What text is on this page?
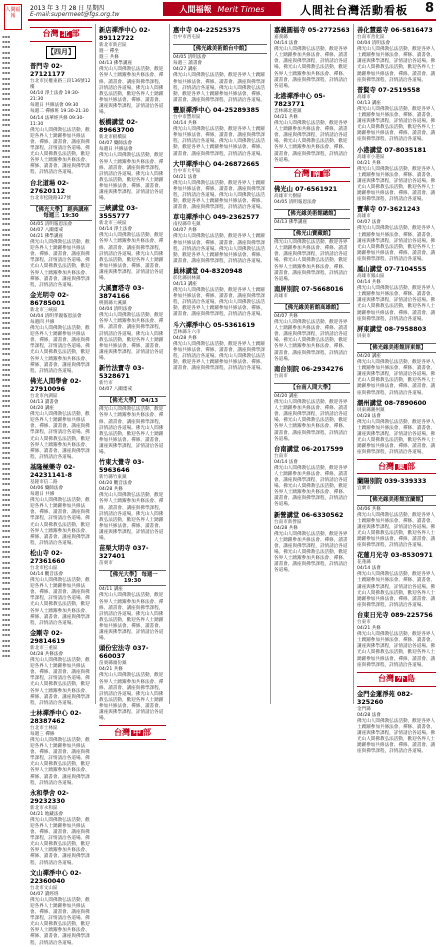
人間福報
2013 年 3 月 28 日 星期四
E-mail:supermeet@fgs.org.tw
人間福報 Merit Times	人間社台灣活動看板 8
▪▪▪
▪▪▪
▪▪▪
▪▪▪
▪▪▪
▪▪▪
▪▪▪
▪▪▪
▪▪▪
▪▪▪
▪▪▪
▪▪▪
▪▪▪
▪▪▪
▪▪▪
▪▪▪
▪▪▪
▪▪▪
▪▪▪
▪▪▪
▪▪▪
▪▪▪
▪▪▪
▪▪▪
▪▪▪
▪▪▪
▪▪▪
▪▪▪
▪▪▪
▪▪▪
▪▪▪
▪▪▪
▪▪▪
▪▪▪
▪▪▪
▪▪▪
▪▪▪
▪▪▪
▪▪▪
▪▪▪
▪▪▪
▪▪▪
▪▪▪
▪▪▪
▪▪▪
▪▪▪
▪▪▪
▪▪▪
▪▪▪
▪▪▪
▪▪▪
▪▪▪
▪▪▪
▪▪▪
▪▪▪
▪▪▪
▪▪▪
▪▪▪
▪▪▪
▪▪▪
▪▪▪
▪▪▪
▪▪▪
▪▪▪
▪▪▪
▪▪▪
▪▪▪
▪▪▪
▪▪▪
▪▪▪
▪▪▪
▪▪▪
▪▪▪
▪▪▪
▪▪▪
▪▪▪
▪▪▪
▪▪▪
▪▪▪
▪▪▪
▪▪▪
▪▪▪
▪▪▪
▪▪▪
▪▪▪
▪▪▪
▪▪▪
▪▪▪
▪▪▪
▪▪▪
▪▪▪
▪▪▪
▪▪▪
▪▪▪
▪▪▪
▪▪▪
▪▪▪
▪▪▪
▪▪▪
▪▪▪
▪▪▪
▪▪▪
▪▪▪
▪▪▪
▪▪▪
▪▪▪
▪▪▪
▪▪▪
▪▪▪
▪▪▪
▪▪▪
▪▪▪
▪▪▪
▪▪▪
▪▪▪
▪▪▪
▪▪▪
▪▪▪
▪▪▪
▪▪▪
台灣 北 部
【四月】
普門寺 02-27121177
台北市民權東路三段136號12樓
04/10 淨土法會 19:30-21:30
每週日 共修法會 09:30
每週二 禪修班 19:30-21:30
04/14 法華經共修 09:30-11:30
佛光山人間佛教弘法活動，歡迎各界人士踴躍參加共修法會、禪修、讀書會、講座與佛學課程，詳情請洽各道場。佛光山人間佛教弘法活動，歡迎各界人士踴躍參加共修法會、禪修、讀書會、講座與佛學課程，詳情請洽各道場。
台北道場 02-27620112
台北市松隆路327號
【佛光大學】 經典講座 每週三 19:30
04/05 清明報恩法會
04/07 八關齋戒
04/21 佛學講座
佛光山人間佛教弘法活動，歡迎各界人士踴躍參加共修法會、禪修、讀書會、講座與佛學課程，詳情請洽各道場。佛光山人間佛教弘法活動，歡迎各界人士踴躍參加共修法會、禪修、讀書會、講座與佛學課程，詳情請洽各道場。
金光明寺 02-86785001
新北市三峽區
04/04 清明孝親報恩法會
每週四 共修
佛光山人間佛教弘法活動，歡迎各界人士踴躍參加共修法會、禪修、讀書會、講座與佛學課程，詳情請洽各道場。佛光山人間佛教弘法活動，歡迎各界人士踴躍參加共修法會、禪修、讀書會、講座與佛學課程，詳情請洽各道場。
佛光人間學會 02-27910096
台北市內湖區
04/13 讀書會
04/20 講座
佛光山人間佛教弘法活動，歡迎各界人士踴躍參加共修法會、禪修、讀書會、講座與佛學課程，詳情請洽各道場。佛光山人間佛教弘法活動，歡迎各界人士踴躍參加共修法會、禪修、讀書會、講座與佛學課程，詳情請洽各道場。
基隆極樂寺 02-24231141-8
基隆市信二路
04/06 藥師法會
每週日 共修
佛光山人間佛教弘法活動，歡迎各界人士踴躍參加共修法會、禪修、讀書會、講座與佛學課程，詳情請洽各道場。佛光山人間佛教弘法活動，歡迎各界人士踴躍參加共修法會、禪修、讀書會、講座與佛學課程，詳情請洽各道場。
松山寺 02-27361660
台北市松山區
04/14 觀音法會
佛光山人間佛教弘法活動，歡迎各界人士踴躍參加共修法會、禪修、讀書會、講座與佛學課程，詳情請洽各道場。佛光山人間佛教弘法活動，歡迎各界人士踴躍參加共修法會、禪修、讀書會、講座與佛學課程，詳情請洽各道場。
金剛寺 02-29814619
新北市三重區
04/28 共修法會
佛光山人間佛教弘法活動，歡迎各界人士踴躍參加共修法會、禪修、讀書會、講座與佛學課程，詳情請洽各道場。佛光山人間佛教弘法活動，歡迎各界人士踴躍參加共修法會、禪修、讀書會、講座與佛學課程，詳情請洽各道場。
士林禪淨中心 02-28387462
台北市士林區
每週三 禪修
佛光山人間佛教弘法活動，歡迎各界人士踴躍參加共修法會、禪修、讀書會、講座與佛學課程，詳情請洽各道場。佛光山人間佛教弘法活動，歡迎各界人士踴躍參加共修法會、禪修、讀書會、講座與佛學課程，詳情請洽各道場。
永和學舍 02-29232330
新北市永和區
04/21 地藏法會
佛光山人間佛教弘法活動，歡迎各界人士踴躍參加共修法會、禪修、讀書會、講座與佛學課程，詳情請洽各道場。佛光山人間佛教弘法活動，歡迎各界人士踴躍參加共修法會、禪修、讀書會、講座與佛學課程，詳情請洽各道場。
文山禪淨中心 02-22360040
台北市文山區
04/07 讀經班
佛光山人間佛教弘法活動，歡迎各界人士踴躍參加共修法會、禪修、讀書會、講座與佛學課程，詳情請洽各道場。佛光山人間佛教弘法活動，歡迎各界人士踴躍參加共修法會、禪修、讀書會、講座與佛學課程，詳情請洽各道場。
新店禪淨中心 02-89112722
新北市新店區
週一 禪坐
週三 共修
04/13 佛學講座
佛光山人間佛教弘法活動，歡迎各界人士踴躍參加共修法會、禪修、讀書會、講座與佛學課程，詳情請洽各道場。佛光山人間佛教弘法活動，歡迎各界人士踴躍參加共修法會、禪修、讀書會、講座與佛學課程，詳情請洽各道場。
板橋講堂 02-89663700
新北市板橋區
04/07 藥師法會
每週日 共修法會
佛光山人間佛教弘法活動，歡迎各界人士踴躍參加共修法會、禪修、讀書會、講座與佛學課程，詳情請洽各道場。佛光山人間佛教弘法活動，歡迎各界人士踴躍參加共修法會、禪修、讀書會、講座與佛學課程，詳情請洽各道場。
三峽講堂 03-3555777
新北市三峽區
04/14 淨土法會
佛光山人間佛教弘法活動，歡迎各界人士踴躍參加共修法會、禪修、讀書會、講座與佛學課程，詳情請洽各道場。佛光山人間佛教弘法活動，歡迎各界人士踴躍參加共修法會、禪修、讀書會、講座與佛學課程，詳情請洽各道場。
大溪寶塔寺 03-3874166
桃園縣大溪鎮
04/04 清明法會
佛光山人間佛教弘法活動，歡迎各界人士踴躍參加共修法會、禪修、讀書會、講座與佛學課程，詳情請洽各道場。佛光山人間佛教弘法活動，歡迎各界人士踴躍參加共修法會、禪修、讀書會、講座與佛學課程，詳情請洽各道場。
新竹法寶寺 03-5328671
新竹市
04/07 八關齋戒
【佛光大學】 04/13
佛光山人間佛教弘法活動，歡迎各界人士踴躍參加共修法會、禪修、讀書會、講座與佛學課程，詳情請洽各道場。佛光山人間佛教弘法活動，歡迎各界人士踴躍參加共修法會、禪修、讀書會、講座與佛學課程，詳情請洽各道場。
竹東大覺寺 03-5963646
新竹縣竹東鎮
04/20 觀音法會
04/28 共修
佛光山人間佛教弘法活動，歡迎各界人士踴躍參加共修法會、禪修、讀書會、講座與佛學課程，詳情請洽各道場。佛光山人間佛教弘法活動，歡迎各界人士踴躍參加共修法會、禪修、讀書會、講座與佛學課程，詳情請洽各道場。
苗栗大明寺 037-327401
苗栗市
【佛光大學】 每週一 19:30
04/11 講座
佛光山人間佛教弘法活動，歡迎各界人士踴躍參加共修法會、禪修、讀書會、講座與佛學課程，詳情請洽各道場。佛光山人間佛教弘法活動，歡迎各界人士踴躍參加共修法會、禪修、讀書會、講座與佛學課程，詳情請洽各道場。
頭份宏法寺 037-660037
苗栗縣頭份鎮
04/21 共修
佛光山人間佛教弘法活動，歡迎各界人士踴躍參加共修法會、禪修、讀書會、講座與佛學課程，詳情請洽各道場。佛光山人間佛教弘法活動，歡迎各界人士踴躍參加共修法會、禪修、讀書會、講座與佛學課程，詳情請洽各道場。
台灣 中 部
惠中寺 04-22525375
台中市西屯區
【佛光緣美術館台中館】
04/05 清明法會
每週三 讀書會
04/27 講座
佛光山人間佛教弘法活動，歡迎各界人士踴躍參加共修法會、禪修、讀書會、講座與佛學課程，詳情請洽各道場。佛光山人間佛教弘法活動，歡迎各界人士踴躍參加共修法會、禪修、讀書會、講座與佛學課程，詳情請洽各道場。
豐原禪淨中心 04-25289385
台中市豐原區
04/14 共修
佛光山人間佛教弘法活動，歡迎各界人士踴躍參加共修法會、禪修、讀書會、講座與佛學課程，詳情請洽各道場。佛光山人間佛教弘法活動，歡迎各界人士踴躍參加共修法會、禪修、讀書會、講座與佛學課程，詳情請洽各道場。
大甲禪淨中心 04-26872665
台中市大甲區
04/21 法會
佛光山人間佛教弘法活動，歡迎各界人士踴躍參加共修法會、禪修、讀書會、講座與佛學課程，詳情請洽各道場。佛光山人間佛教弘法活動，歡迎各界人士踴躍參加共修法會、禪修、讀書會、講座與佛學課程，詳情請洽各道場。
草屯禪淨中心 049-2362577
南投縣草屯鎮
04/07 共修
佛光山人間佛教弘法活動，歡迎各界人士踴躍參加共修法會、禪修、讀書會、講座與佛學課程，詳情請洽各道場。佛光山人間佛教弘法活動，歡迎各界人士踴躍參加共修法會、禪修、讀書會、講座與佛學課程，詳情請洽各道場。
員林講堂 04-8320948
彰化縣員林鎮
04/13 講座
佛光山人間佛教弘法活動，歡迎各界人士踴躍參加共修法會、禪修、讀書會、講座與佛學課程，詳情請洽各道場。佛光山人間佛教弘法活動，歡迎各界人士踴躍參加共修法會、禪修、讀書會、講座與佛學課程，詳情請洽各道場。
斗六禪淨中心 05-5361619
雲林縣斗六市
04/28 共修
佛光山人間佛教弘法活動，歡迎各界人士踴躍參加共修法會、禪修、讀書會、講座與佛學課程，詳情請洽各道場。佛光山人間佛教弘法活動，歡迎各界人士踴躍參加共修法會、禪修、讀書會、講座與佛學課程，詳情請洽各道場。
嘉義圓福寺 05-2772563
嘉義縣
04/14 法會
佛光山人間佛教弘法活動，歡迎各界人士踴躍參加共修法會、禪修、讀書會、講座與佛學課程，詳情請洽各道場。佛光山人間佛教弘法活動，歡迎各界人士踴躍參加共修法會、禪修、讀書會、講座與佛學課程，詳情請洽各道場。
北港禪淨中心 05-7823771
雲林縣北港鎮
04/21 共修
佛光山人間佛教弘法活動，歡迎各界人士踴躍參加共修法會、禪修、讀書會、講座與佛學課程，詳情請洽各道場。佛光山人間佛教弘法活動，歡迎各界人士踴躍參加共修法會、禪修、讀書會、講座與佛學課程，詳情請洽各道場。
台灣 南 部
佛光山 07-6561921
高雄市大樹區
04/05 清明報恩法會
【佛光緣美術館總館】
04/13 佛學講座
【佛光山寶藏館】
佛光山人間佛教弘法活動，歡迎各界人士踴躍參加共修法會、禪修、讀書會、講座與佛學課程，詳情請洽各道場。佛光山人間佛教弘法活動，歡迎各界人士踴躍參加共修法會、禪修、讀書會、講座與佛學課程，詳情請洽各道場。
南屏別院 07-5668016
高雄市
【佛光緣美術館高雄館】
04/07 共修
佛光山人間佛教弘法活動，歡迎各界人士踴躍參加共修法會、禪修、讀書會、講座與佛學課程，詳情請洽各道場。佛光山人間佛教弘法活動，歡迎各界人士踴躍參加共修法會、禪修、讀書會、講座與佛學課程，詳情請洽各道場。
南台別院 06-2934276
台南市
【台南人間大學】
04/20 講座
佛光山人間佛教弘法活動，歡迎各界人士踴躍參加共修法會、禪修、讀書會、講座與佛學課程，詳情請洽各道場。佛光山人間佛教弘法活動，歡迎各界人士踴躍參加共修法會、禪修、讀書會、講座與佛學課程，詳情請洽各道場。
台南講堂 06-2017599
台南市
04/14 法會
佛光山人間佛教弘法活動，歡迎各界人士踴躍參加共修法會、禪修、讀書會、講座與佛學課程，詳情請洽各道場。佛光山人間佛教弘法活動，歡迎各界人士踴躍參加共修法會、禪修、讀書會、講座與佛學課程，詳情請洽各道場。
新營講堂 06-6330562
台南市新營區
04/28 共修
佛光山人間佛教弘法活動，歡迎各界人士踴躍參加共修法會、禪修、讀書會、講座與佛學課程，詳情請洽各道場。佛光山人間佛教弘法活動，歡迎各界人士踴躍參加共修法會、禪修、讀書會、講座與佛學課程，詳情請洽各道場。
善化慧慈寺 06-5816473
台南市善化區
04/04 清明法會
佛光山人間佛教弘法活動，歡迎各界人士踴躍參加共修法會、禪修、讀書會、講座與佛學課程，詳情請洽各道場。佛光山人間佛教弘法活動，歡迎各界人士踴躍參加共修法會、禪修、讀書會、講座與佛學課程，詳情請洽各道場。
普賢寺 07-2519558
高雄市
04/13 講座
佛光山人間佛教弘法活動，歡迎各界人士踴躍參加共修法會、禪修、讀書會、講座與佛學課程，詳情請洽各道場。佛光山人間佛教弘法活動，歡迎各界人士踴躍參加共修法會、禪修、讀書會、講座與佛學課程，詳情請洽各道場。
小港講堂 07-8035181
高雄市小港區
04/21 共修
佛光山人間佛教弘法活動，歡迎各界人士踴躍參加共修法會、禪修、讀書會、講座與佛學課程，詳情請洽各道場。佛光山人間佛教弘法活動，歡迎各界人士踴躍參加共修法會、禪修、讀書會、講座與佛學課程，詳情請洽各道場。
寶華寺 07-3621243
高雄市
04/07 法會
佛光山人間佛教弘法活動，歡迎各界人士踴躍參加共修法會、禪修、讀書會、講座與佛學課程，詳情請洽各道場。佛光山人間佛教弘法活動，歡迎各界人士踴躍參加共修法會、禪修、讀書會、講座與佛學課程，詳情請洽各道場。
鳳山講堂 07-7104555
高雄市鳳山區
04/14 共修
佛光山人間佛教弘法活動，歡迎各界人士踴躍參加共修法會、禪修、讀書會、講座與佛學課程，詳情請洽各道場。佛光山人間佛教弘法活動，歡迎各界人士踴躍參加共修法會、禪修、讀書會、講座與佛學課程，詳情請洽各道場。
屏東講堂 08-7958803
屏東市
【佛光緣美術館屏東館】
04/20 講座
佛光山人間佛教弘法活動，歡迎各界人士踴躍參加共修法會、禪修、讀書會、講座與佛學課程，詳情請洽各道場。佛光山人間佛教弘法活動，歡迎各界人士踴躍參加共修法會、禪修、讀書會、講座與佛學課程，詳情請洽各道場。
潮州講堂 08-7890600
屏東縣潮州鎮
04/28 法會
佛光山人間佛教弘法活動，歡迎各界人士踴躍參加共修法會、禪修、讀書會、講座與佛學課程，詳情請洽各道場。佛光山人間佛教弘法活動，歡迎各界人士踴躍參加共修法會、禪修、讀書會、講座與佛學課程，詳情請洽各道場。
台灣 東 部
蘭陽別院 039-339333
宜蘭市
【佛光緣美術館宜蘭館】
04/06 共修
佛光山人間佛教弘法活動，歡迎各界人士踴躍參加共修法會、禪修、讀書會、講座與佛學課程，詳情請洽各道場。佛光山人間佛教弘法活動，歡迎各界人士踴躍參加共修法會、禪修、讀書會、講座與佛學課程，詳情請洽各道場。
花蓮月光寺 03-8530971
花蓮縣
04/14 法會
佛光山人間佛教弘法活動，歡迎各界人士踴躍參加共修法會、禪修、讀書會、講座與佛學課程，詳情請洽各道場。佛光山人間佛教弘法活動，歡迎各界人士踴躍參加共修法會、禪修、讀書會、講座與佛學課程，詳情請洽各道場。
台東日光寺 089-225756
台東市
04/21 共修
佛光山人間佛教弘法活動，歡迎各界人士踴躍參加共修法會、禪修、讀書會、講座與佛學課程，詳情請洽各道場。佛光山人間佛教弘法活動，歡迎各界人士踴躍參加共修法會、禪修、讀書會、講座與佛學課程，詳情請洽各道場。
台灣 外 島
金門金蓮淨苑 082-325260
金門縣
04/28 法會
佛光山人間佛教弘法活動，歡迎各界人士踴躍參加共修法會、禪修、讀書會、講座與佛學課程，詳情請洽各道場。佛光山人間佛教弘法活動，歡迎各界人士踴躍參加共修法會、禪修、讀書會、講座與佛學課程，詳情請洽各道場。
